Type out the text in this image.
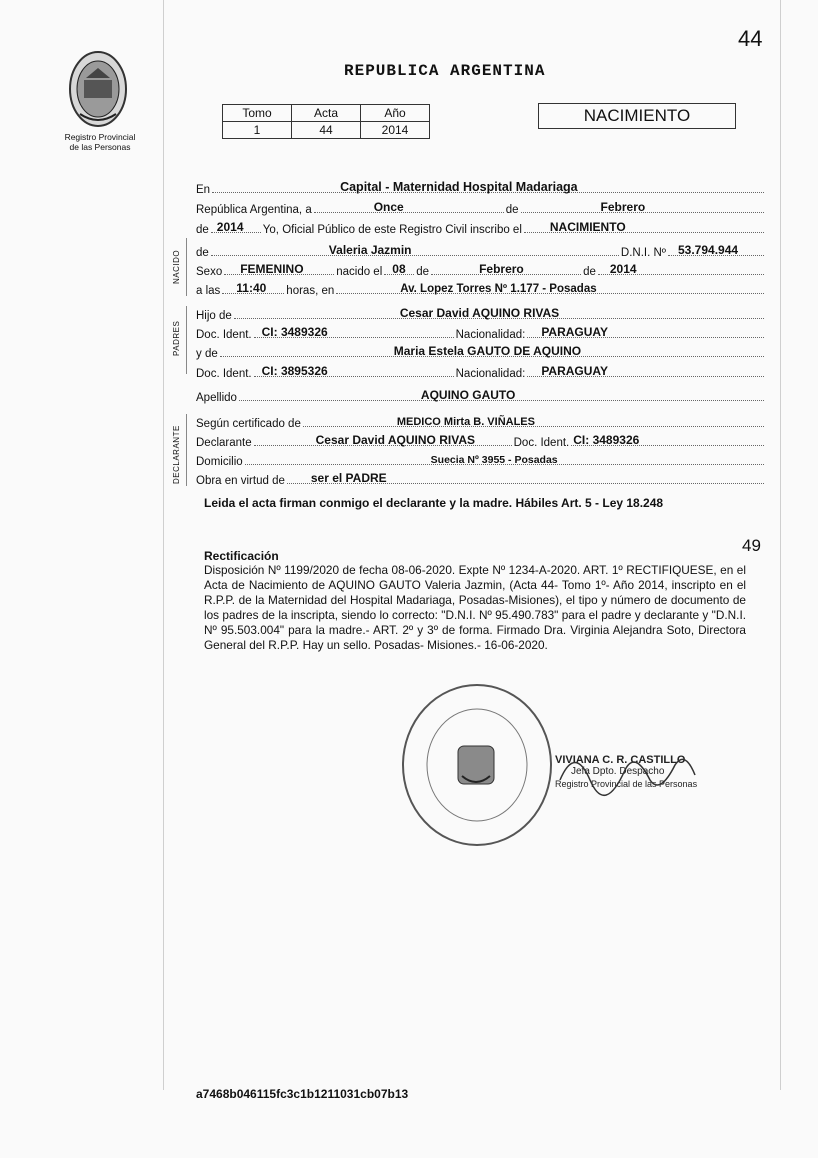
44
Registro Provincial
de las Personas
REPUBLICA ARGENTINA
Tomo	Acta	Año
1	44	2014
NACIMIENTO
NACIDO
PADRES
DECLARANTE
En	Capital - Maternidad Hospital Madariaga
República Argentina, a	Once	de	Febrero
de 2014 Yo, Oficial Público de este Registro Civil inscribo el NACIMIENTO
de	Valeria Jazmin	D.N.I. Nº 53.794.944
Sexo FEMENINO	nacido el 08 de	Febrero	de 2014
a las 11:40 horas, en	Av. Lopez Torres Nº 1.177 - Posadas
Hijo de	Cesar David AQUINO RIVAS
Doc. Ident. CI: 3489326	Nacionalidad: PARAGUAY
y de	Maria Estela GAUTO DE AQUINO
Doc. Ident. CI: 3895326	Nacionalidad: PARAGUAY
Apellido	AQUINO GAUTO
Según certificado de	MEDICO Mirta B. VIÑALES
Declarante	Cesar David AQUINO RIVAS	Doc. Ident. CI: 3489326
Domicilio	Suecia Nº 3955 - Posadas
Obra en virtud de ser el PADRE
Leida el acta firman conmigo el declarante y la madre. Hábiles Art. 5 - Ley 18.248
49
Rectificación
Disposición Nº 1199/2020 de fecha 08-06-2020. Expte Nº 1234-A-2020. ART. 1º RECTIFIQUESE, en el Acta de Nacimiento de AQUINO GAUTO Valeria Jazmin, (Acta 44- Tomo 1º- Año 2014, inscripto en el R.P.P. de la Maternidad del Hospital Madariaga, Posadas-Misiones), el tipo y número de documento de los padres de la inscripta, siendo lo correcto: "D.N.I. Nº 95.490.783" para el padre y declarante y "D.N.I. Nº 95.503.004" para la madre.- ART. 2º y 3º de forma. Firmado Dra. Virginia Alejandra Soto, Directora General del R.P.P. Hay un sello. Posadas- Misiones.- 16-06-2020.
VIVIANA C. R. CASTILLO
Jefa Dpto. Despacho
Registro Provincial de las Personas
a7468b046115fc3c1b1211031cb07b13
